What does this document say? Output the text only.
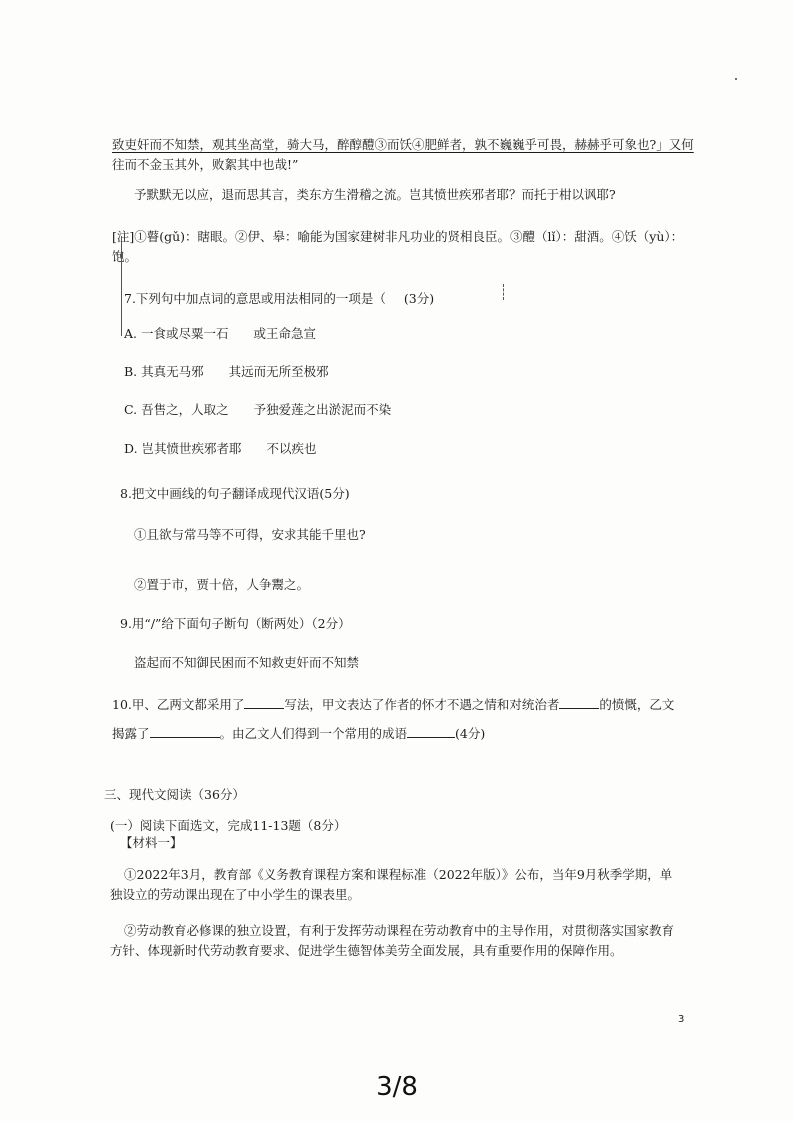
致吏奸而不知禁，观其坐高堂，骑大马，醉醇醴③而饫④肥鲜者，孰不巍巍乎可畏，赫赫乎可象也?」又何
往而不金玉其外，败絮其中也哉!”
予默默无以应，退而思其言，类东方生滑稽之流。岂其愤世疾邪者耶？而托于柑以讽耶?
[注]①瞽(gǔ)：瞎眼。②伊、皋：喻能为国家建树非凡功业的贤相良臣。③醴（lǐ）：甜酒。④饫（yù）：
饱。
7.下列句中加点词的意思或用法相同的一项是（ (3分)
A. 一食或尽粟一石　　或王命急宣
B. 其真无马邪　　其远而无所至极邪
C. 吾售之，人取之　　予独爱莲之出淤泥而不染
D. 岂其愤世疾邪者耶　　不以疾也
8.把文中画线的句子翻译成现代汉语(5分)
①且欲与常马等不可得，安求其能千里也?
②置于市，贾十倍，人争鬻之。
9.用“/”给下面句子断句（断两处）（2分）
盗起而不知御民困而不知救吏奸而不知禁
10.甲、乙两文都采用了	写法，甲文表达了作者的怀才不遇之情和对统治者	的愤慨，乙文
揭露了	。由乙文人们得到一个常用的成语	(4分)
三、现代文阅读（36分）
(一）阅读下面选文，完成11-13题（8分）
【材料一】
①2022年3月，教育部《义务教育课程方案和课程标准（2022年版）》公布，当年9月秋季学期，单
独设立的劳动课出现在了中小学生的课表里。
②劳动教育必修课的独立设置，有利于发挥劳动课程在劳动教育中的主导作用，对贯彻落实国家教育
方针、体现新时代劳动教育要求、促进学生德智体美劳全面发展，具有重要作用的保障作用。
3
3/8
